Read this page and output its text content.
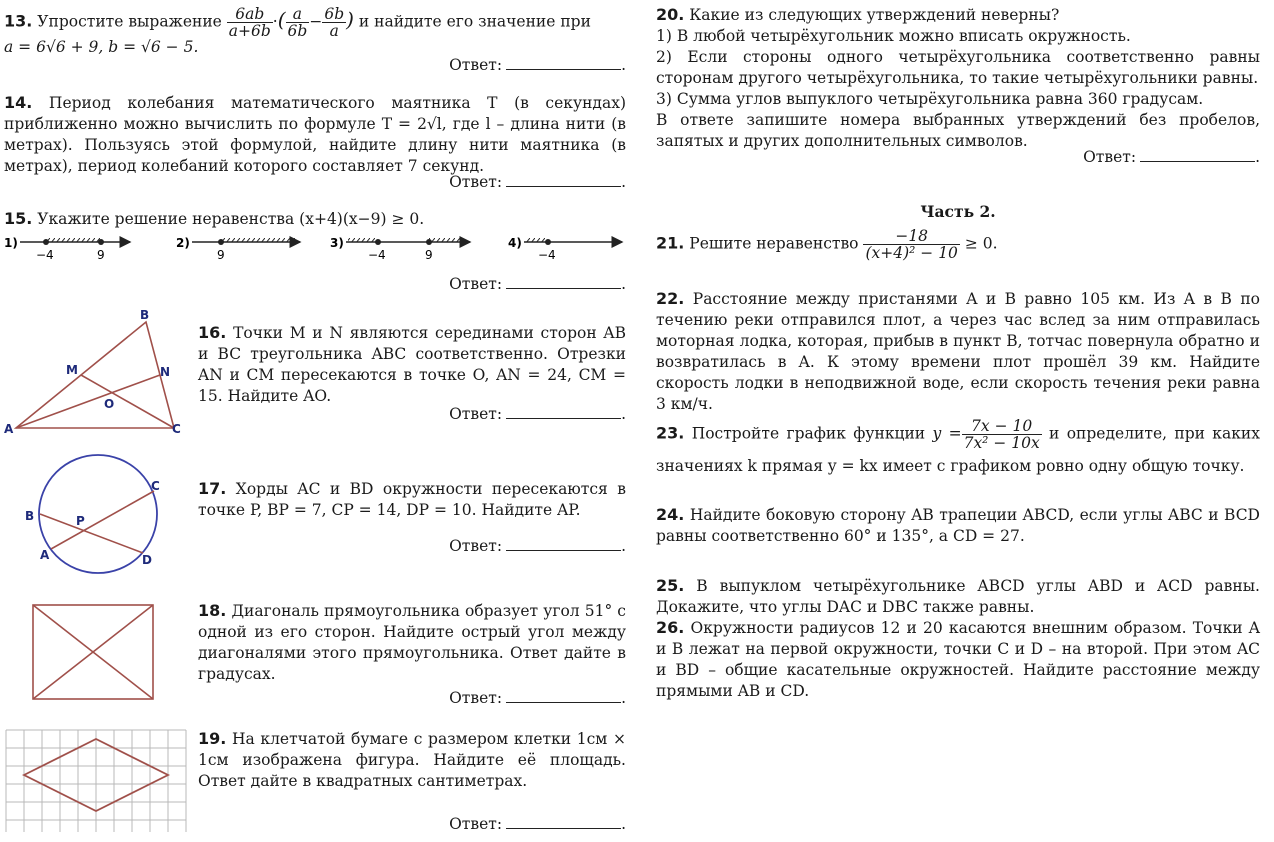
13. Упростите выражение $\frac{6ab}{a+6b}$ ·( $\frac{a}{6b} - \frac{6b}{a}$ ) и найдите его значение при
a = 6√6 + 9, b = √6 − 5.
Ответ:	.
14. Период колебания математического маятника T (в секундах) приближенно можно вычислить по формуле T = 2√l, где l – длина нити (в метрах). Пользуясь этой формулой, найдите длину нити маятника (в метрах), период колебаний которого составляет 7 секунд.
Ответ:	.
15. Укажите решение неравенства (x+4)(x−9) ≥ 0.
1)
−4	9
2)
9
3)
−4	9
4)
−4
Ответ:	.
B
A	C
M	N
O
16. Точки M и N являются серединами сторон AB и BC треугольника ABC соответственно. Отрезки AN и CM пересекаются в точке O, AN = 24, CM = 15. Найдите AO.
Ответ:	.
C
B	P
A	D
17. Хорды AC и BD окружности пересекаются в точке P, BP = 7, CP = 14, DP = 10. Найдите AP.
Ответ:	.
18. Диагональ прямоугольника образует угол 51° с одной из его сторон. Найдите острый угол между диагоналями этого прямоугольника. Ответ дайте в градусах.
Ответ:	.
19. На клетчатой бумаге с размером клетки 1см × 1см изображена фигура. Найдите её площадь. Ответ дайте в квадратных сантиметрах.
Ответ:	.
20. Какие из следующих утверждений неверны?
1) В любой четырёхугольник можно вписать окружность.
2) Если стороны одного четырёхугольника соответственно равны сторонам другого четырёхугольника, то такие четырёхугольники равны.
3) Сумма углов выпуклого четырёхугольника равна 360 градусам.
В ответе запишите номера выбранных утверждений без пробелов, запятых и других дополнительных символов.
Ответ:	.
Часть 2.
21. Решите неравенство $\frac{-18}{\text{(x+4)² − 10}} \ge 0$.
22. Расстояние между пристанями A и B равно 105 км. Из A в B по течению реки отправился плот, а через час вслед за ним отправилась моторная лодка, которая, прибыв в пункт B, тотчас повернула обратно и возвратилась в A. К этому времени плот прошёл 39 км. Найдите скорость лодки в неподвижной воде, если скорость течения реки равна 3 км/ч.
23. Постройте график функции $y = \frac{7x - 10}{\text{7x² − 10x}}$ и определите, при каких значениях k прямая y = kx имеет с графиком ровно одну общую точку.
24. Найдите боковую сторону AB трапеции ABCD, если углы ABC и BCD равны соответственно 60° и 135°, а CD = 27.
25. В выпуклом четырёхугольнике ABCD углы ABD и ACD равны. Докажите, что углы DAC и DBC также равны.
26. Окружности радиусов 12 и 20 касаются внешним образом. Точки A и B лежат на первой окружности, точки C и D – на второй. При этом AC и BD – общие касательные окружностей. Найдите расстояние между прямыми AB и CD.
